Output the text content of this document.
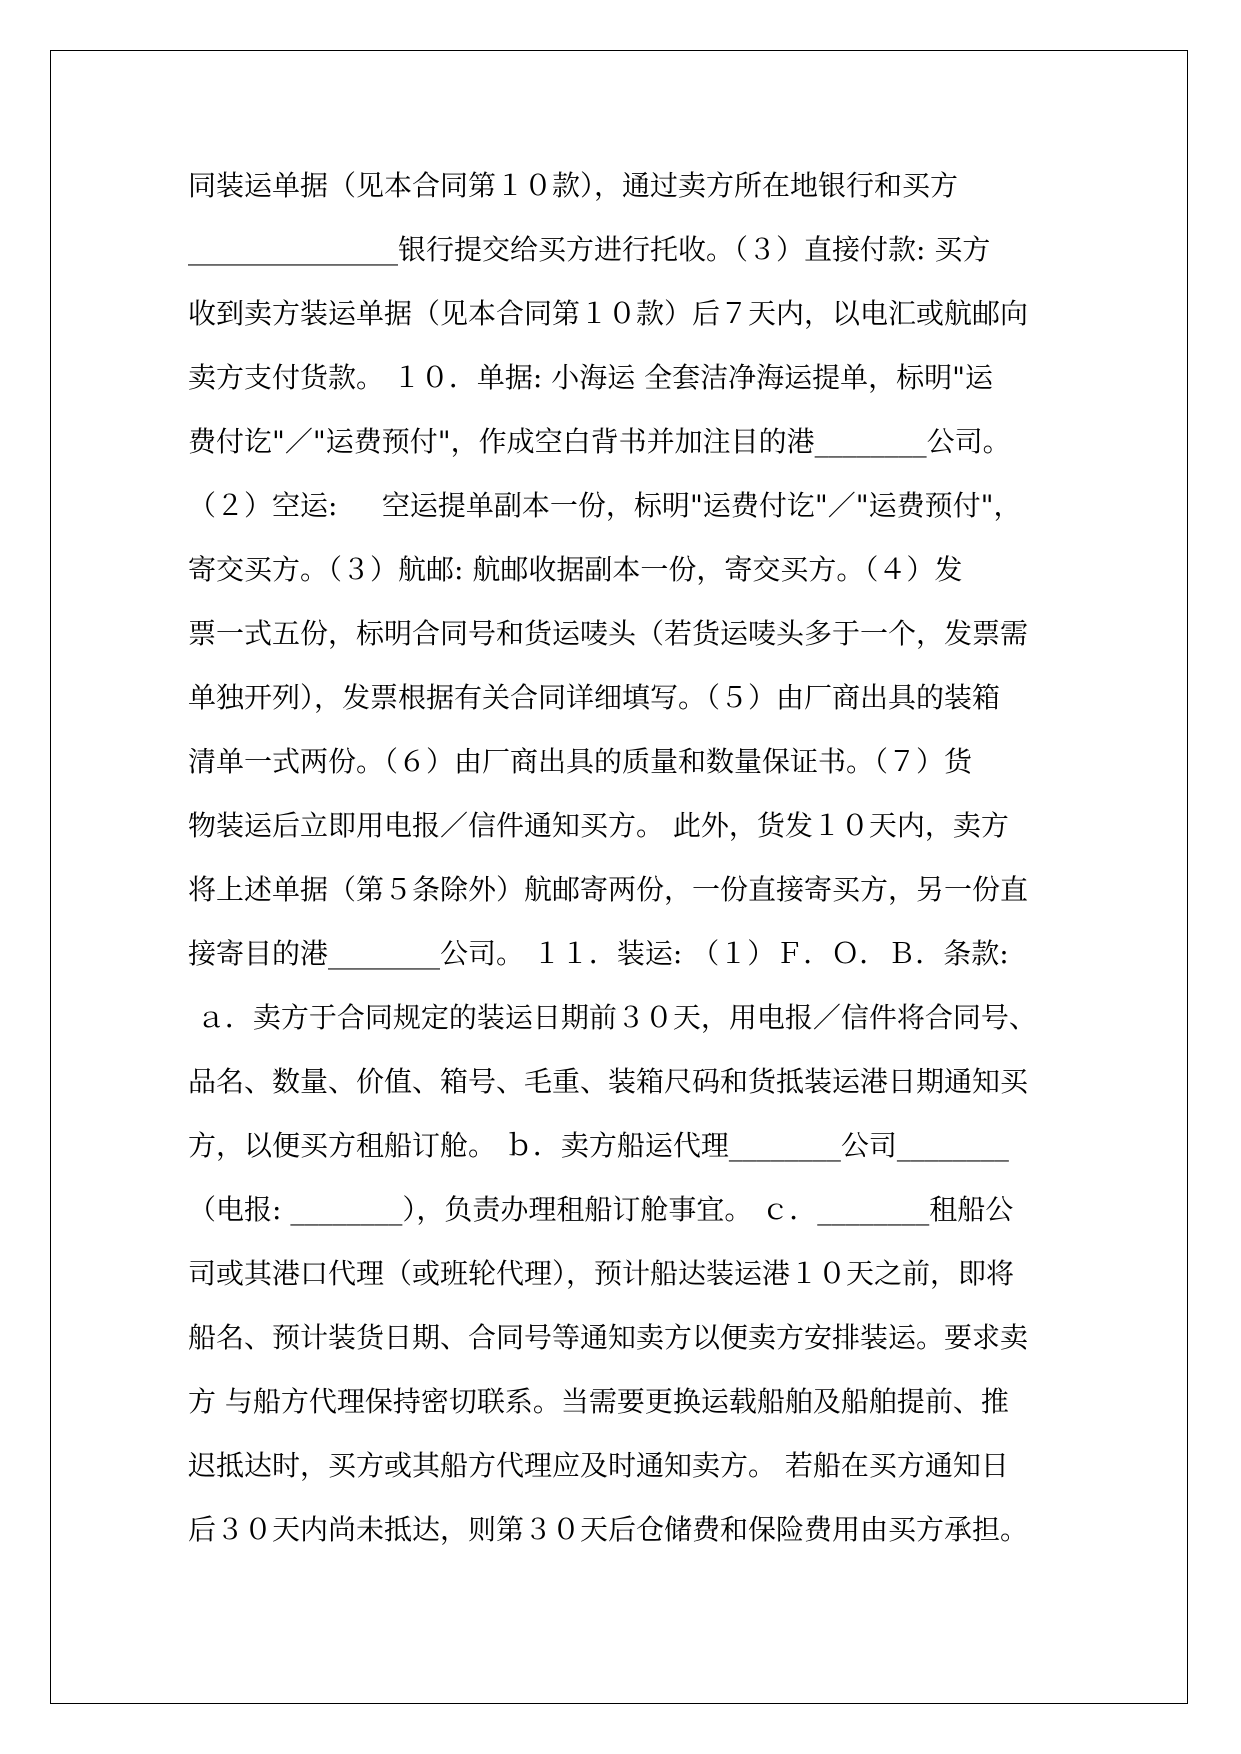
同装运单据（见本合同第１０款），通过卖方所在地银行和买方
_______________银行提交给买方进行托收。（３）直接付款: 买方
收到卖方装运单据（见本合同第１０款）后７天内，以电汇或航邮向
卖方支付货款。 １０．单据: 小海运 全套洁净海运提单，标明"运
费付讫"／"运费预付"，作成空白背书并加注目的港________公司。
（２）空运:     空运提单副本一份，标明"运费付讫"／"运费预付"，
寄交买方。（３）航邮: 航邮收据副本一份，寄交买方。（４）发
票一式五份，标明合同号和货运唛头（若货运唛头多于一个，发票需
单独开列），发票根据有关合同详细填写。（５）由厂商出具的装箱
清单一式两份。（６）由厂商出具的质量和数量保证书。（７）货
物装运后立即用电报／信件通知买方。 此外，货发１０天内，卖方
将上述单据（第５条除外）航邮寄两份，一份直接寄买方，另一份直
接寄目的港________公司。 １１．装运: （１）Ｆ．Ｏ．Ｂ．条款:
ａ．卖方于合同规定的装运日期前３０天，用电报／信件将合同号、
品名、数量、价值、箱号、毛重、装箱尺码和货抵装运港日期通知买
方，以便买方租船订舱。 ｂ．卖方船运代理________公司________
（电报: ________），负责办理租船订舱事宜。 ｃ．________租船公
司或其港口代理（或班轮代理），预计船达装运港１０天之前，即将
船名、预计装货日期、合同号等通知卖方以便卖方安排装运。要求卖
方 与船方代理保持密切联系。当需要更换运载船舶及船舶提前、推
迟抵达时，买方或其船方代理应及时通知卖方。 若船在买方通知日
后３０天内尚未抵达，则第３０天后仓储费和保险费用由买方承担。
